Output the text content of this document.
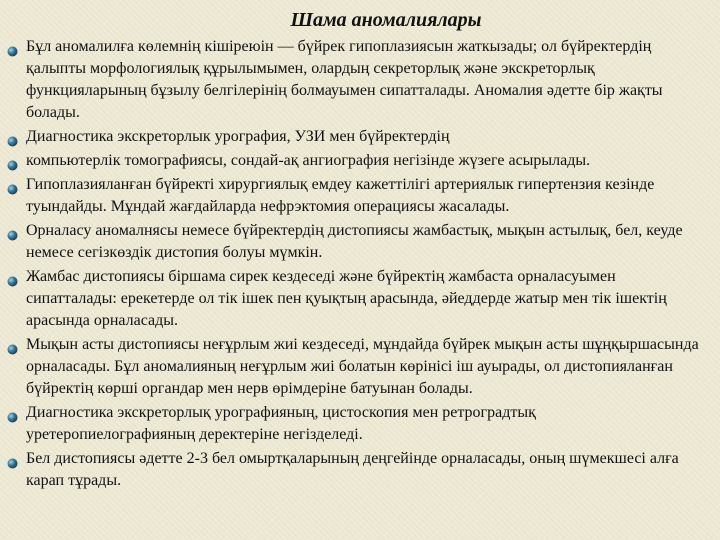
Шама аномалиялары
Бұл аномалилға көлемнің кішіреюін — бүйрек гипоплазиясын жаткызады; ол бүйректердің қалыпты морфологиялық құрылымымен, олардың секреторлық және экскреторлық функцияларының бұзылу белгілерінің болмауымен сипатталады. Аномалия әдетте бір жақты болады.
Диагностика экскреторлык урография, УЗИ мен бүйректердің
компьютерлік томографиясы, сондай-ақ ангиография негізінде жүзеге асырылады.
Гипоплазияланған бүйректі хирургиялық емдеу кажеттілігі артериялык гипертензия кезінде туындайды. Мұндай жағдайларда нефрэктомия операциясы жасалады.
Орналасу аномалнясы немесе бүйректердің дистопиясы жамбастық, мықын астылық, бел, кеуде немесе сегізкөздік дистопия болуы мүмкін.
Жамбас дистопиясы біршама сирек кездеседі және бүйректің жамбаста орналасуымен сипатталады: ерекетерде ол тік ішек пен қуықтың арасында, әйеддерде жатыр мен тік ішектің арасында орналасады.
Мықын асты дистопиясы неғұрлым жиі кездеседі, мұндайда бүйрек мықын асты шұңқыршасында орналасады. Бұл аномалияның неғұрлым жиі болатын көрінісі іш ауырады, ол дистопияланған бүйректің көрші органдар мен нерв өрімдеріне батуынан болады.
Диагностика экскреторлық урографияның, цистоскопия мен ретроградтық уретеропиелографияның деректеріне негізделеді.
Бел дистопиясы әдетте 2-3 бел омыртқаларының деңгейінде орналасады, оның шүмекшесі алға карап тұрады.
